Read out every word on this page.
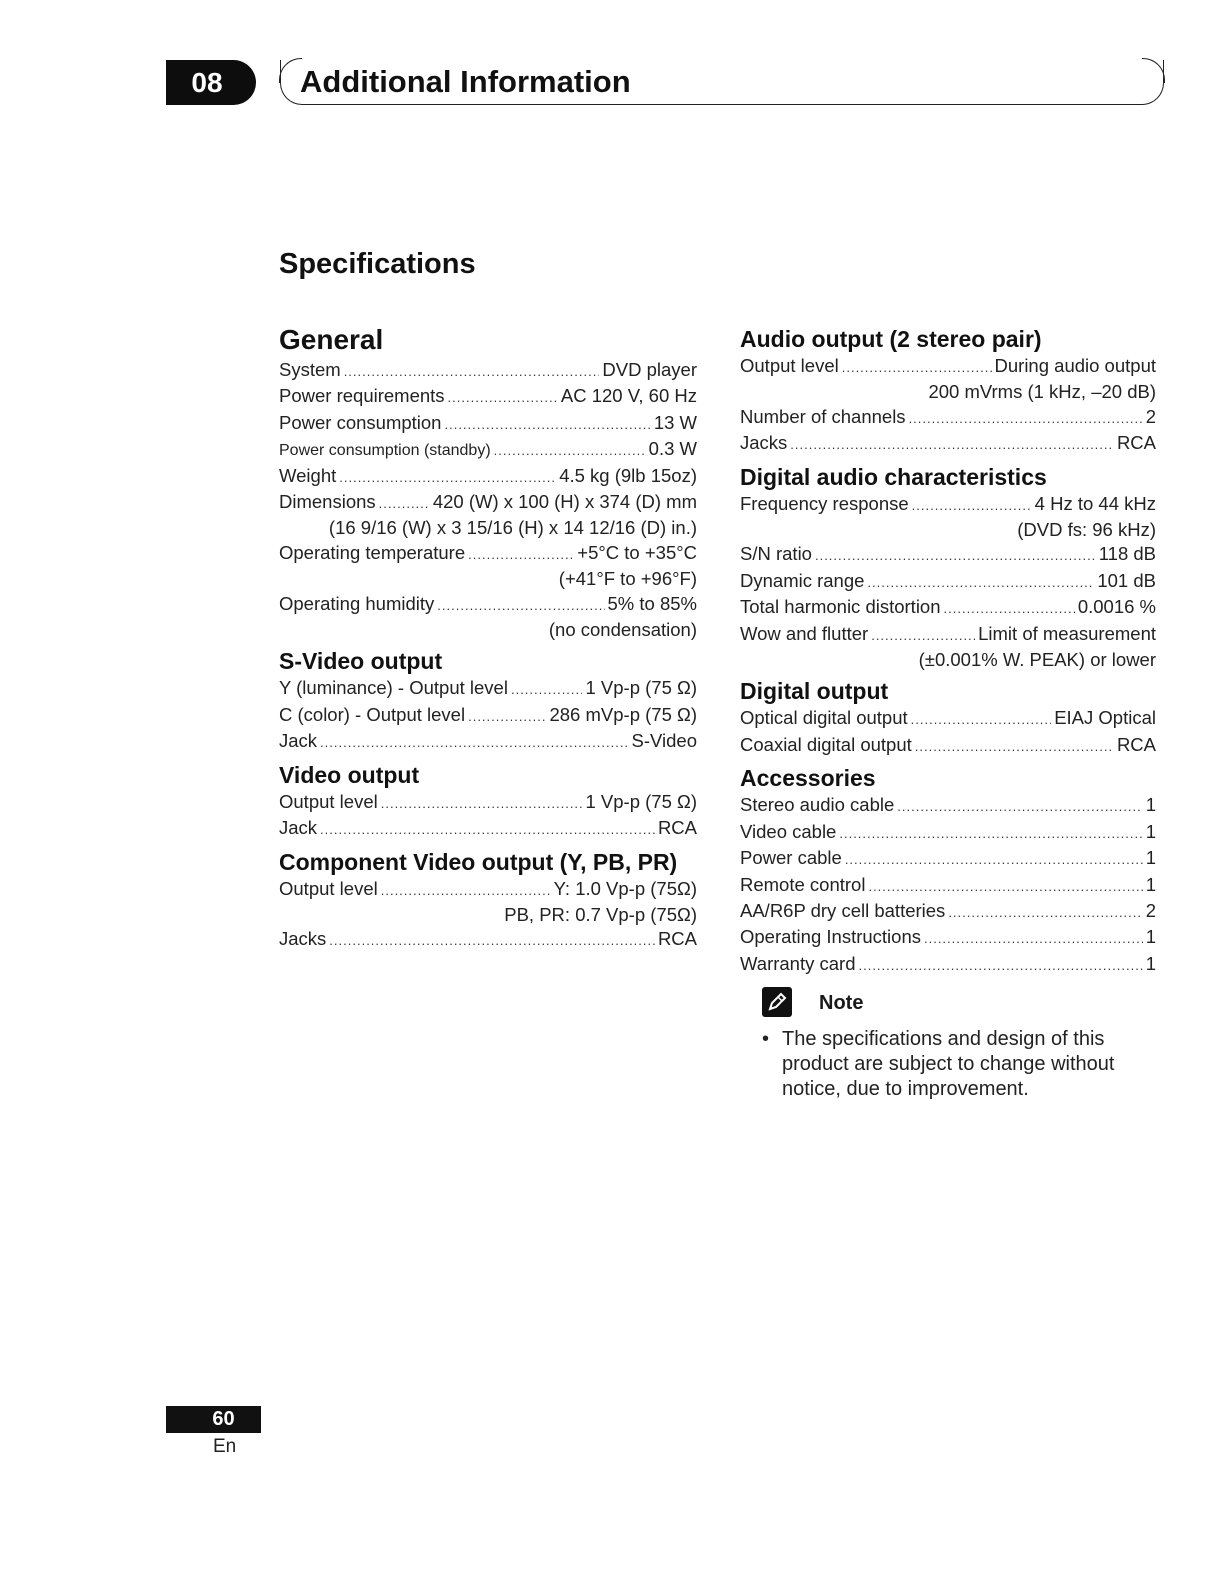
08	Additional Information
Specifications
General
System .....	DVD player
Power requirements .....	AC 120 V, 60 Hz
Power consumption .....	13 W
Power consumption (standby) .....	0.3 W
Weight .....	4.5 kg (9lb 15oz)
Dimensions .....	420 (W) x 100 (H) x 374 (D) mm
(16 9/16 (W) x 3 15/16 (H) x 14 12/16 (D) in.)
Operating temperature .....	+5°C to +35°C
(+41°F to +96°F)
Operating humidity .....	5% to 85%
(no condensation)
S-Video output
Y (luminance) - Output level .....	1 Vp-p (75 Ω)
C (color) - Output level .....	286 mVp-p (75 Ω)
Jack .....	S-Video
Video output
Output level .....	1 Vp-p (75 Ω)
Jack .....	RCA
Component Video output (Y, PB, PR)
Output level .....	Y: 1.0 Vp-p (75Ω)
PB, PR: 0.7 Vp-p (75Ω)
Jacks .....	RCA
Audio output (2 stereo pair)
Output level .....	During audio output
200 mVrms (1 kHz, –20 dB)
Number of channels .....	2
Jacks .....	RCA
Digital audio characteristics
Frequency response .....	4 Hz to 44 kHz
(DVD fs: 96 kHz)
S/N ratio .....	118 dB
Dynamic range .....	101 dB
Total harmonic distortion .....	0.0016 %
Wow and flutter .....	Limit of measurement
(±0.001% W. PEAK) or lower
Digital output
Optical digital output .....	EIAJ Optical
Coaxial digital output .....	RCA
Accessories
Stereo audio cable .....	1
Video cable .....	1
Power cable .....	1
Remote control .....	1
AA/R6P dry cell batteries .....	2
Operating Instructions .....	1
Warranty card .....	1
Note
• The specifications and design of this product are subject to change without notice, due to improvement.
60
En
